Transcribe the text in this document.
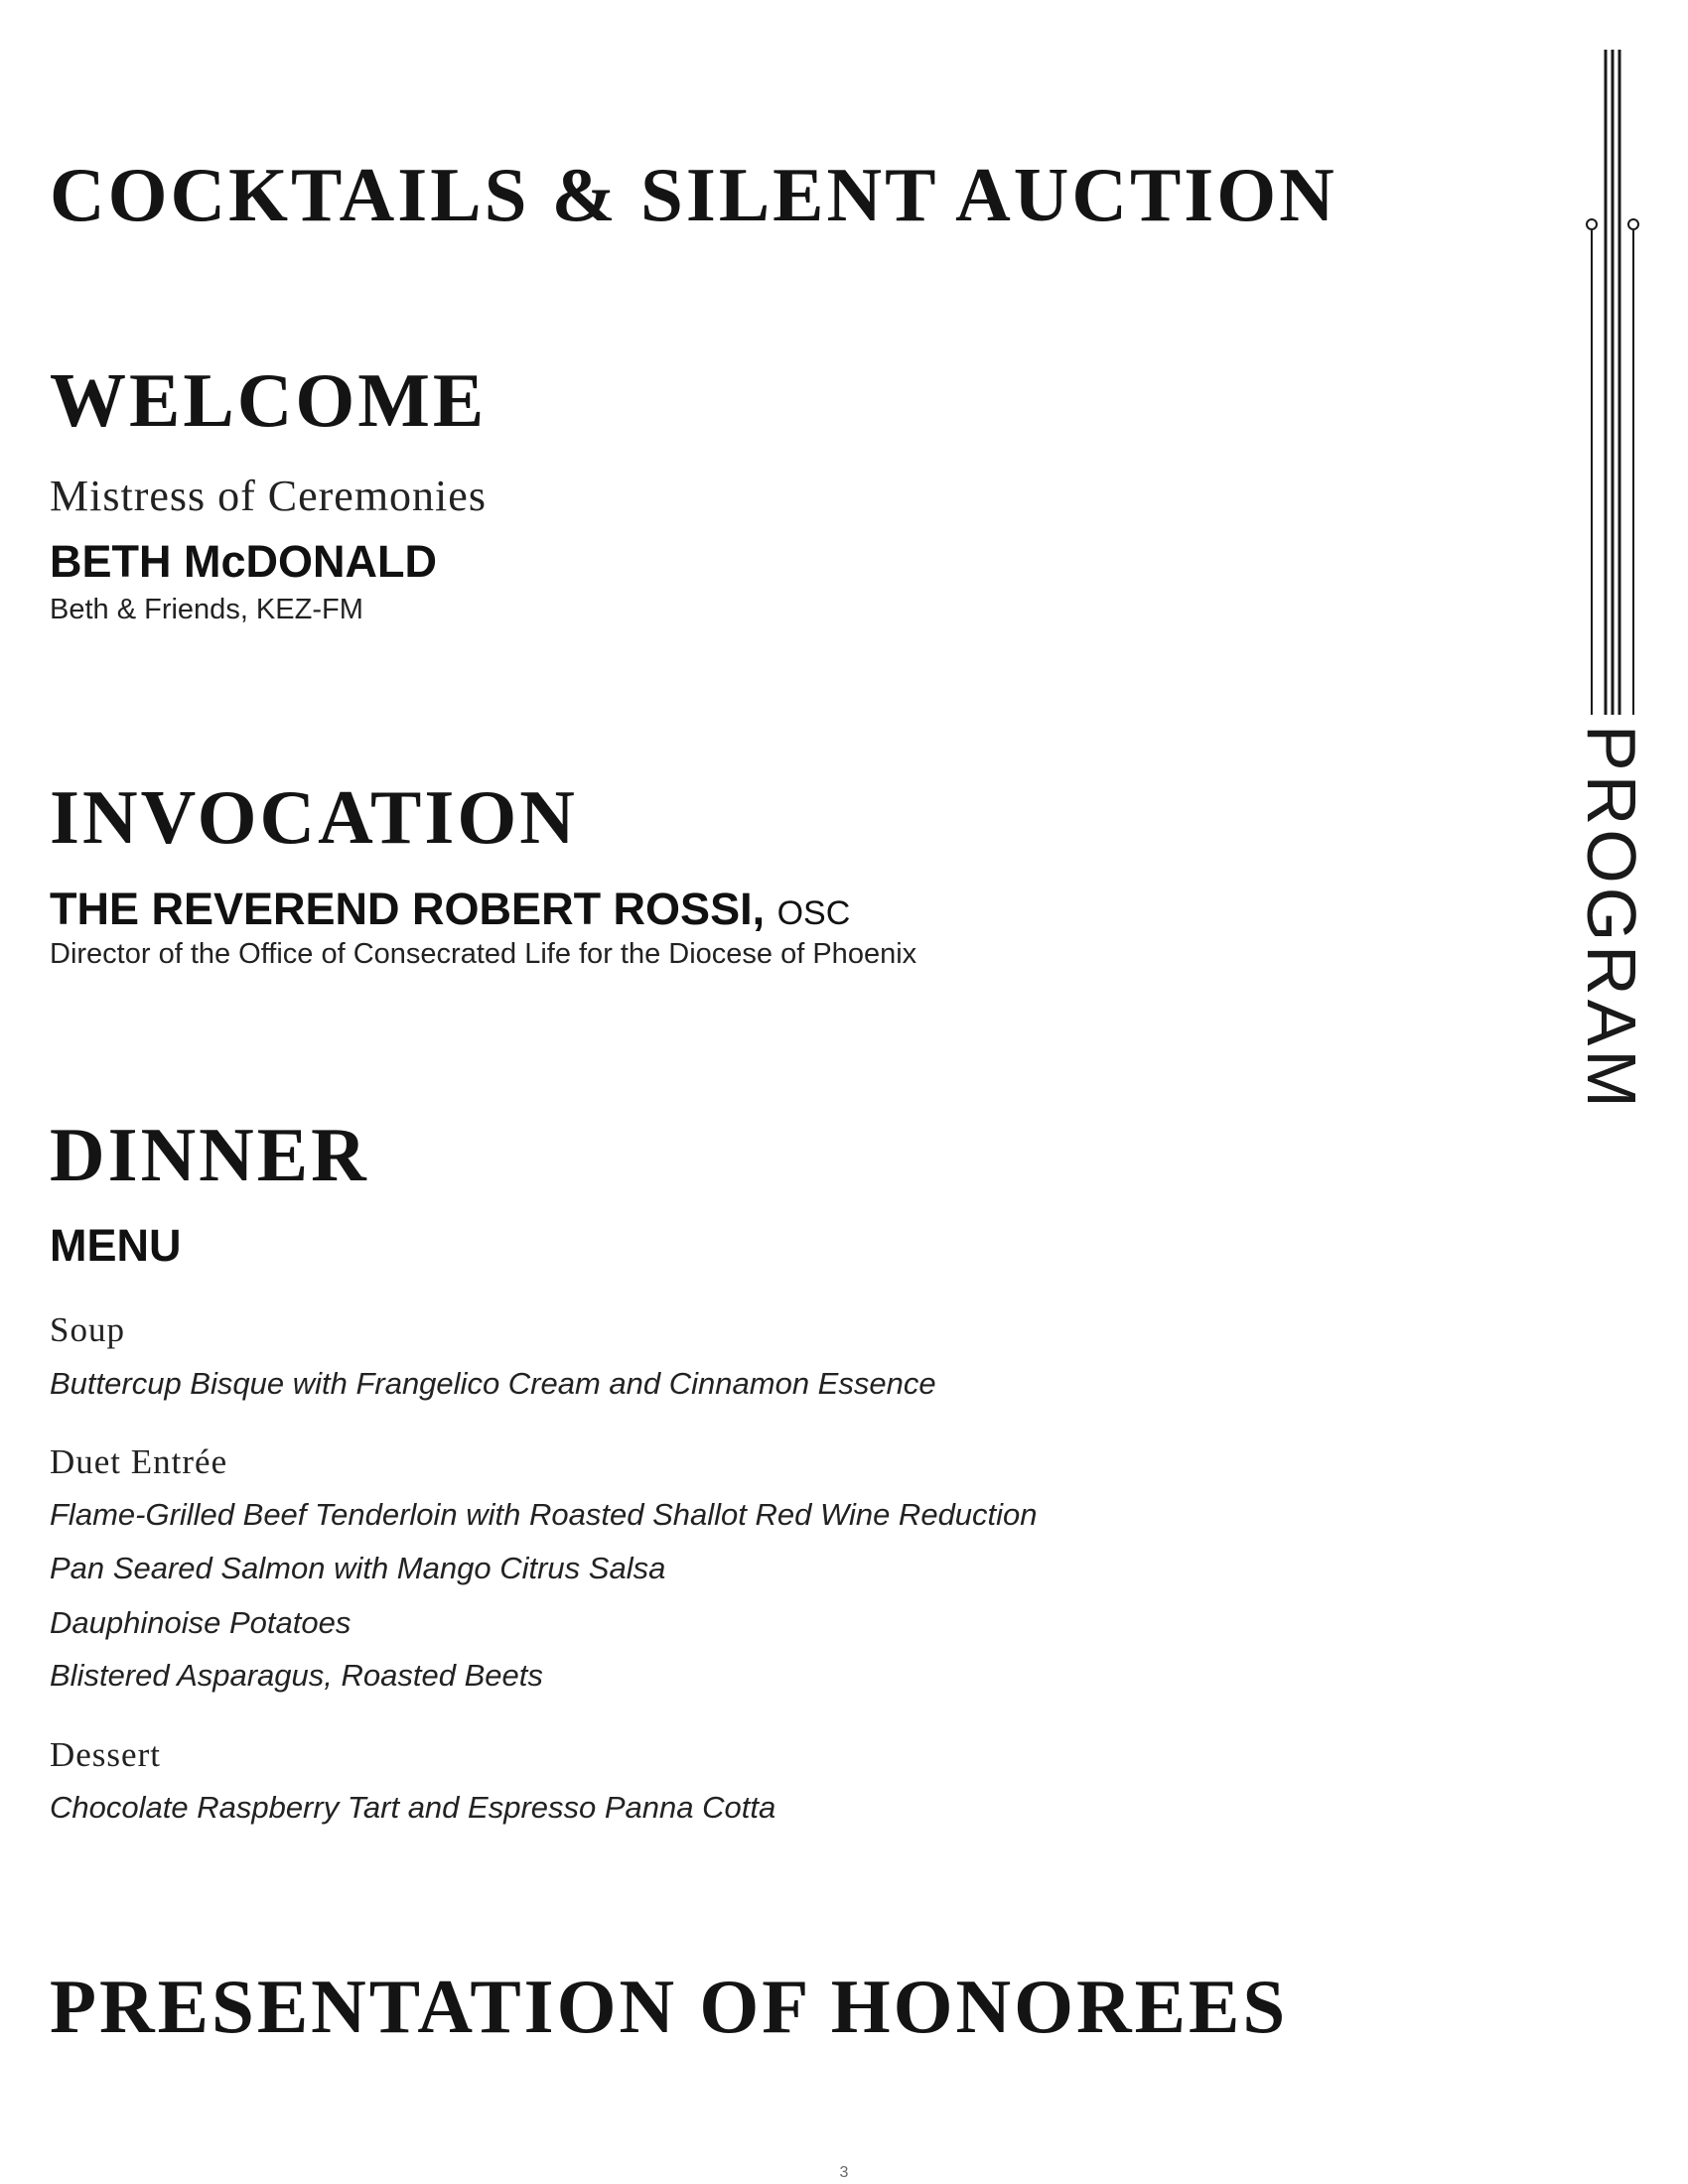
COCKTAILS & SILENT AUCTION
WELCOME
Mistress of Ceremonies
BETH McDONALD
Beth & Friends, KEZ-FM
INVOCATION
THE REVEREND ROBERT ROSSI, OSC
Director of the Office of Consecrated Life for the Diocese of Phoenix
DINNER
MENU
Soup
Buttercup Bisque with Frangelico Cream and Cinnamon Essence
Duet Entrée
Flame-Grilled Beef Tenderloin with Roasted Shallot Red Wine Reduction
Pan Seared Salmon with Mango Citrus Salsa
Dauphinoise Potatoes
Blistered Asparagus, Roasted Beets
Dessert
Chocolate Raspberry Tart and Espresso Panna Cotta
PRESENTATION OF HONOREES
PROGRAM
3
